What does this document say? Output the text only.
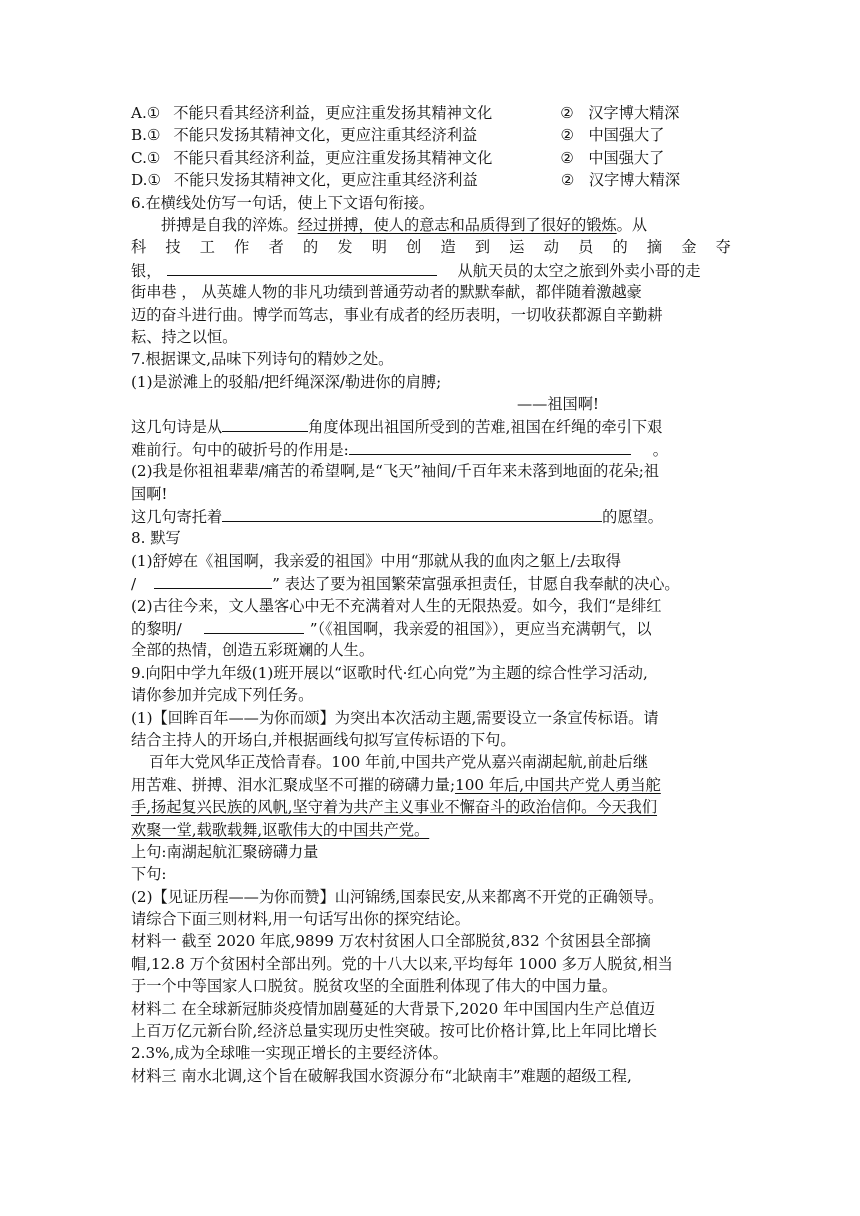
A.① 不能只看其经济利益，更应注重发扬其精神文化	② 汉字博大精深
B.① 不能只发扬其精神文化，更应注重其经济利益	② 中国强大了
C.① 不能只看其经济利益，更应注重发扬其精神文化	② 中国强大了
D.① 不能只发扬其精神文化，更应注重其经济利益	② 汉字博大精深
6.在横线处仿写一句话，使上下文语句衔接。
拼搏是自我的淬炼。经过拼搏，使人的意志和品质得到了很好的锻炼。从
科 技 工 作 者 的 发 明 创 造 到 运 动 员 的 摘 金 夺
银，	从航天员的太空之旅到外卖小哥的走
街串巷 ， 从英雄人物的非凡功绩到普通劳动者的默默奉献，都伴随着激越豪
迈的奋斗进行曲。博学而笃志，事业有成者的经历表明，一切收获都源自辛勤耕
耘、持之以恒。
7.根据课文,品味下列诗句的精妙之处。
(1)是淤滩上的驳船/把纤绳深深/勒进你的肩膊;
——祖国啊!
这几句诗是从	角度体现出祖国所受到的苦难,祖国在纤绳的牵引下艰
难前行。句中的破折号的作用是:	。
(2)我是你祖祖辈辈/痛苦的希望啊,是“飞天”袖间/千百年来未落到地面的花朵;祖
国啊!
这几句寄托着	的愿望。
8. 默写
(1)舒婷在《祖国啊，我亲爱的祖国》中用“那就从我的血肉之躯上/去取得
/	” 表达了要为祖国繁荣富强承担责任，甘愿自我奉献的决心。
(2)古往今来，文人墨客心中无不充满着对人生的无限热爱。如今，我们“是绯红
的黎明/	”（《祖国啊，我亲爱的祖国》），更应当充满朝气，以
全部的热情，创造五彩斑斓的人生。
9.向阳中学九年级(1)班开展以“讴歌时代·红心向党”为主题的综合性学习活动,
请你参加并完成下列任务。
(1)【回眸百年——为你而颂】为突出本次活动主题,需要设立一条宣传标语。请
结合主持人的开场白,并根据画线句拟写宣传标语的下句。
百年大党风华正茂恰青春。100 年前,中国共产党从嘉兴南湖起航,前赴后继
用苦难、拼搏、泪水汇聚成坚不可摧的磅礴力量;100 年后,中国共产党人勇当舵
手,扬起复兴民族的风帆,坚守着为共产主义事业不懈奋斗的政治信仰。今天我们
欢聚一堂,载歌载舞,讴歌伟大的中国共产党。
上句:南湖起航汇聚磅礴力量
下句:
(2)【见证历程——为你而赞】山河锦绣,国泰民安,从来都离不开党的正确领导。
请综合下面三则材料,用一句话写出你的探究结论。
材料一 截至 2020 年底,9899 万农村贫困人口全部脱贫,832 个贫困县全部摘
帽,12.8 万个贫困村全部出列。党的十八大以来,平均每年 1000 多万人脱贫,相当
于一个中等国家人口脱贫。脱贫攻坚的全面胜利体现了伟大的中国力量。
材料二 在全球新冠肺炎疫情加剧蔓延的大背景下,2020 年中国国内生产总值迈
上百万亿元新台阶,经济总量实现历史性突破。按可比价格计算,比上年同比增长
2.3%,成为全球唯一实现正增长的主要经济体。
材料三 南水北调,这个旨在破解我国水资源分布“北缺南丰”难题的超级工程,
